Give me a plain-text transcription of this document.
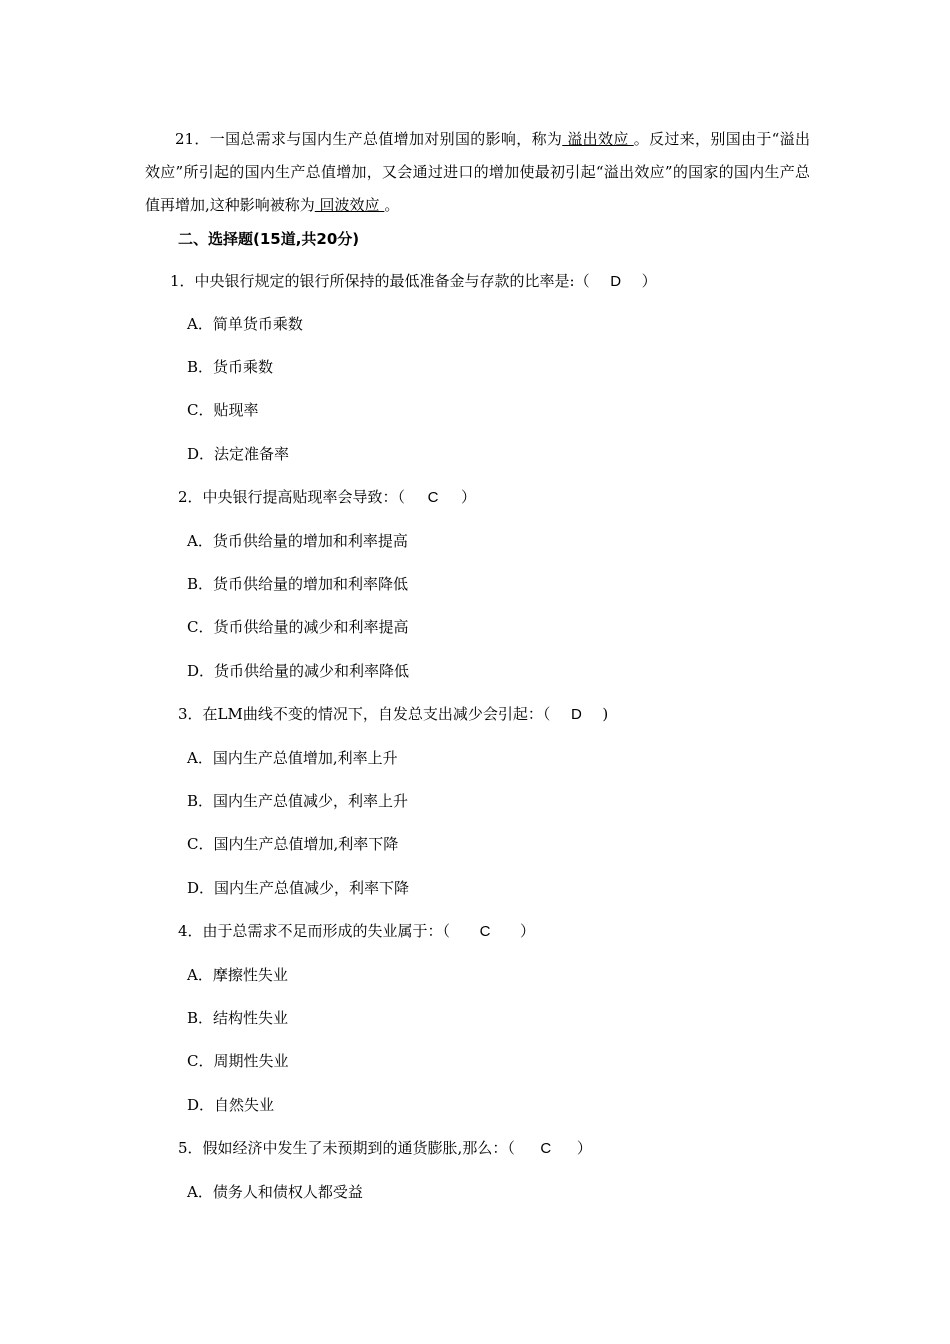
21．一国总需求与国内生产总值增加对别国的影响，称为 溢出效应 。反过来，别国由于“溢出效应”所引起的国内生产总值增加，又会通过进口的增加使最初引起“溢出效应”的国家的国内生产总值再增加,这种影响被称为 回波效应 。
二、选择题(15道,共20分)
1．中央银行规定的银行所保持的最低准备金与存款的比率是:（ D ）
A．简单货币乘数
B．货币乘数
C．贴现率
D．法定准备率
2．中央银行提高贴现率会导致：（ C ）
A．货币供给量的增加和利率提高
B．货币供给量的增加和利率降低
C．货币供给量的减少和利率提高
D．货币供给量的减少和利率降低
3．在LM曲线不变的情况下，自发总支出减少会引起：（ D )
A．国内生产总值增加,利率上升
B．国内生产总值减少，利率上升
C．国内生产总值增加,利率下降
D．国内生产总值减少，利率下降
4．由于总需求不足而形成的失业属于：（ C ）
A．摩擦性失业
B．结构性失业
C．周期性失业
D．自然失业
5．假如经济中发生了未预期到的通货膨胀,那么：（ C ）
A．债务人和债权人都受益
